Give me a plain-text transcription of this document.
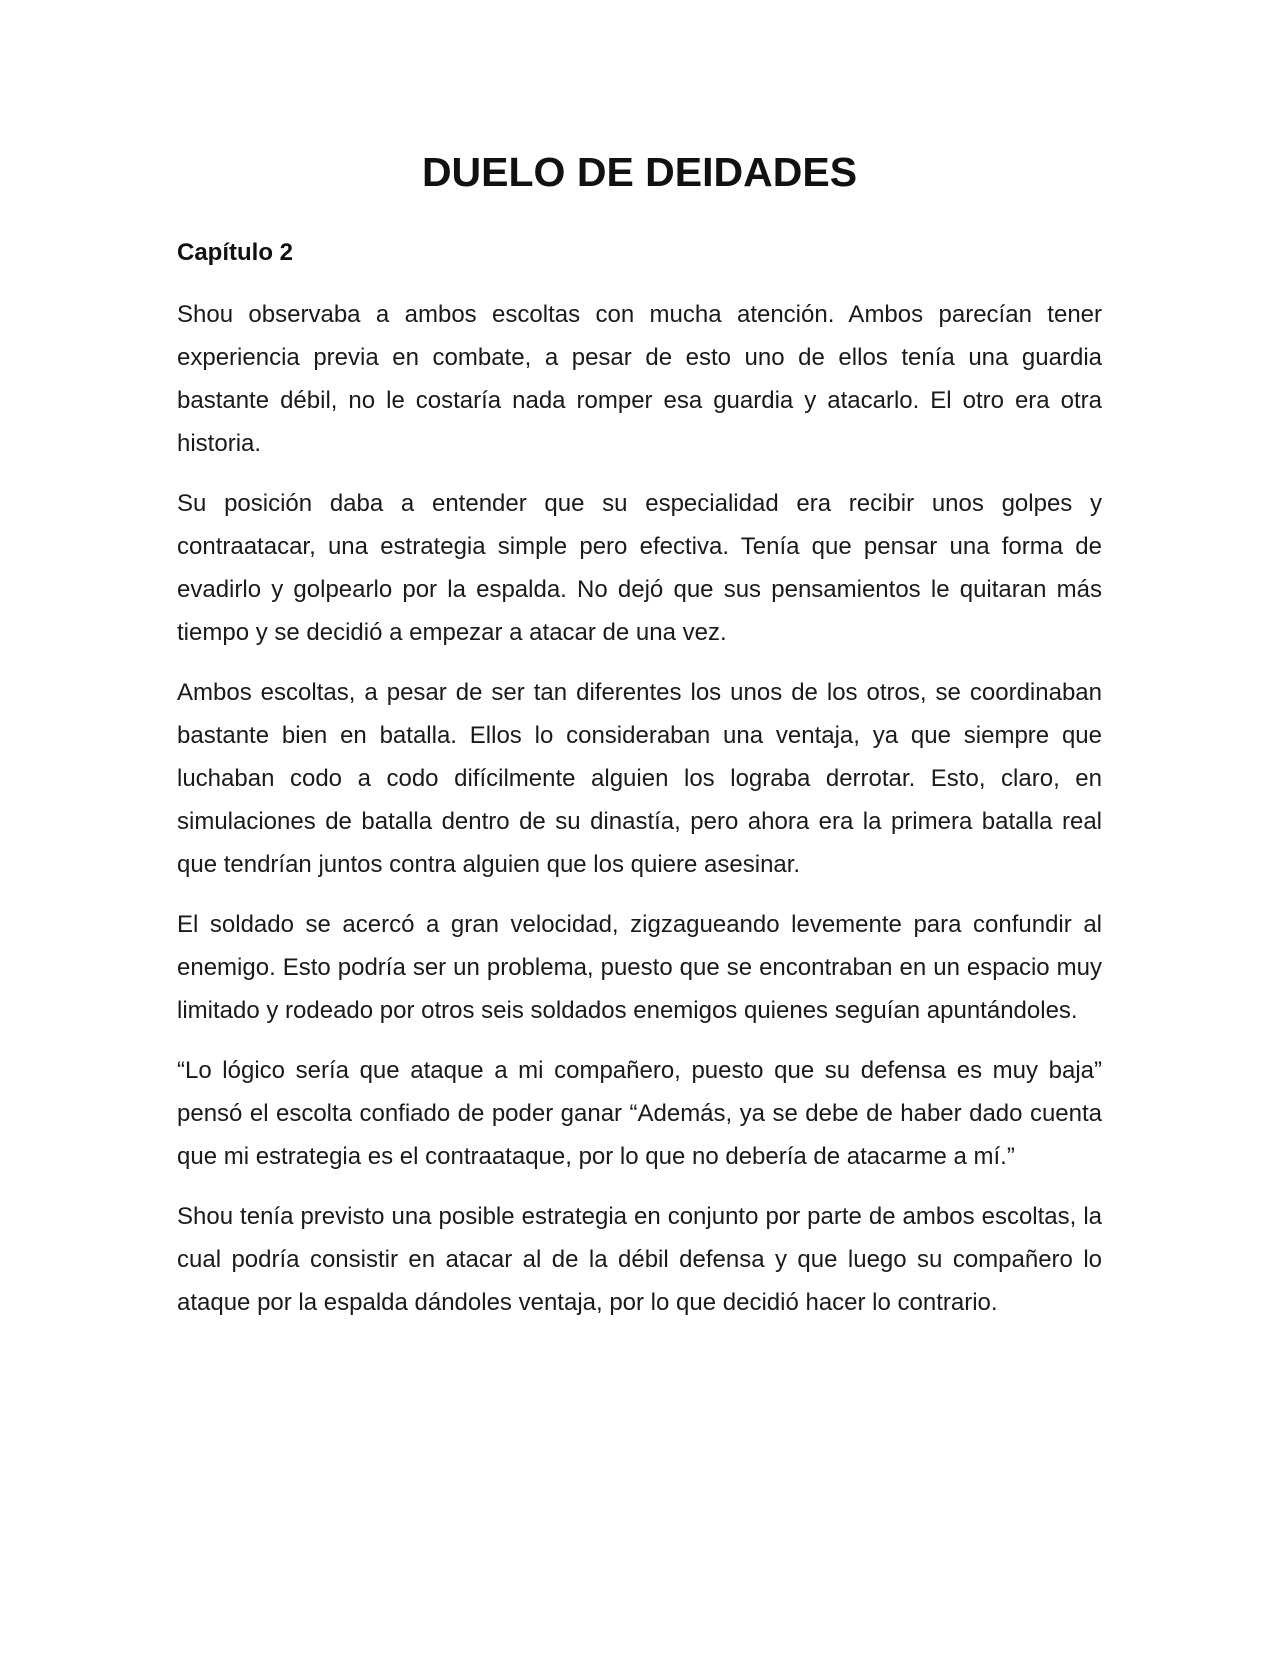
DUELO DE DEIDADES
Capítulo 2

Shou observaba a ambos escoltas con mucha atención. Ambos parecían tener experiencia previa en combate, a pesar de esto uno de ellos tenía una guardia bastante débil, no le costaría nada romper esa guardia y atacarlo. El otro era otra historia.

Su posición daba a entender que su especialidad era recibir unos golpes y contraatacar, una estrategia simple pero efectiva. Tenía que pensar una forma de evadirlo y golpearlo por la espalda. No dejó que sus pensamientos le quitaran más tiempo y se decidió a empezar a atacar de una vez.

Ambos escoltas, a pesar de ser tan diferentes los unos de los otros, se coordinaban bastante bien en batalla. Ellos lo consideraban una ventaja, ya que siempre que luchaban codo a codo difícilmente alguien los lograba derrotar. Esto, claro, en simulaciones de batalla dentro de su dinastía, pero ahora era la primera batalla real que tendrían juntos contra alguien que los quiere asesinar.

El soldado se acercó a gran velocidad, zigzagueando levemente para confundir al enemigo. Esto podría ser un problema, puesto que se encontraban en un espacio muy limitado y rodeado por otros seis soldados enemigos quienes seguían apuntándoles.

“Lo lógico sería que ataque a mi compañero, puesto que su defensa es muy baja” pensó el escolta confiado de poder ganar “Además, ya se debe de haber dado cuenta que mi estrategia es el contraataque, por lo que no debería de atacarme a mí.”

Shou tenía previsto una posible estrategia en conjunto por parte de ambos escoltas, la cual podría consistir en atacar al de la débil defensa y que luego su compañero lo ataque por la espalda dándoles ventaja, por lo que decidió hacer lo contrario.
